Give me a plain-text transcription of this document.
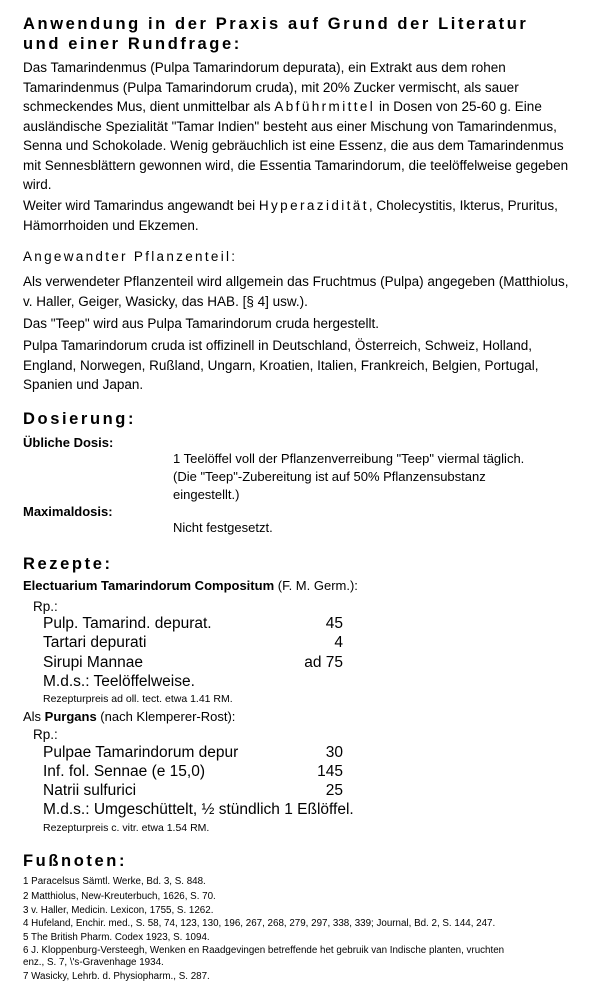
Anwendung in der Praxis auf Grund der Literatur
und einer Rundfrage:
Das Tamarindenmus (Pulpa Tamarindorum depurata), ein Extrakt aus dem rohen Tamarindenmus (Pulpa Tamarindorum cruda), mit 20% Zucker vermischt, als sauer schmeckendes Mus, dient unmittelbar als Abführmittel in Dosen von 25-60 g. Eine ausländische Spezialität "Tamar Indien" besteht aus einer Mischung von Tamarindenmus, Senna und Schokolade. Wenig gebräuchlich ist eine Essenz, die aus dem Tamarindenmus mit Sennesblättern gewonnen wird, die Essentia Tamarindorum, die teelöffelweise gegeben wird.
Weiter wird Tamarindus angewandt bei Hyperazidität, Cholecystitis, Ikterus, Pruritus, Hämorrhoiden und Ekzemen.
Angewandter Pflanzenteil:
Als verwendeter Pflanzenteil wird allgemein das Fruchtmus (Pulpa) angegeben (Matthiolus, v. Haller, Geiger, Wasicky, das HAB. [§ 4] usw.).
Das "Teep" wird aus Pulpa Tamarindorum cruda hergestellt.
Pulpa Tamarindorum cruda ist offizinell in Deutschland, Österreich, Schweiz, Holland, England, Norwegen, Rußland, Ungarn, Kroatien, Italien, Frankreich, Belgien, Portugal, Spanien und Japan.
Dosierung:
Übliche Dosis:
1 Teelöffel voll der Pflanzenverreibung "Teep" viermal täglich.
(Die "Teep"-Zubereitung ist auf 50% Pflanzensubstanz
eingestellt.)
Maximaldosis:
Nicht festgesetzt.
Rezepte:
Electuarium Tamarindorum Compositum (F. M. Germ.):
Rp.:
Pulp. Tamarind. depurat.	45
Tartari depurati	4
Sirupi Mannae	ad 75
M.d.s.: Teelöffelweise.
Rezepturpreis ad oll. tect. etwa 1.41 RM.
Als Purgans (nach Klemperer-Rost):
Rp.:
Pulpae Tamarindorum depur	30
Inf. fol. Sennae (e 15,0)	145
Natrii sulfurici	25
M.d.s.: Umgeschüttelt, ½ stündlich 1 Eßlöffel.
Rezepturpreis c. vitr. etwa 1.54 RM.
Fußnoten:
1 Paracelsus Sämtl. Werke, Bd. 3, S. 848.
2 Matthiolus, New-Kreuterbuch, 1626, S. 70.
3 v. Haller, Medicin. Lexicon, 1755, S. 1262.
4 Hufeland, Enchir. med., S. 58, 74, 123, 130, 196, 267, 268, 279, 297, 338, 339; Journal, Bd. 2, S. 144, 247.
5 The British Pharm. Codex 1923, S. 1094.
6 J. Kloppenburg-Versteegh, Wenken en Raadgevingen betreffende het gebruik van Indische planten, vruchten
enz., S. 7, \'s-Gravenhage 1934.
7 Wasicky, Lehrb. d. Physiopharm., S. 287.
